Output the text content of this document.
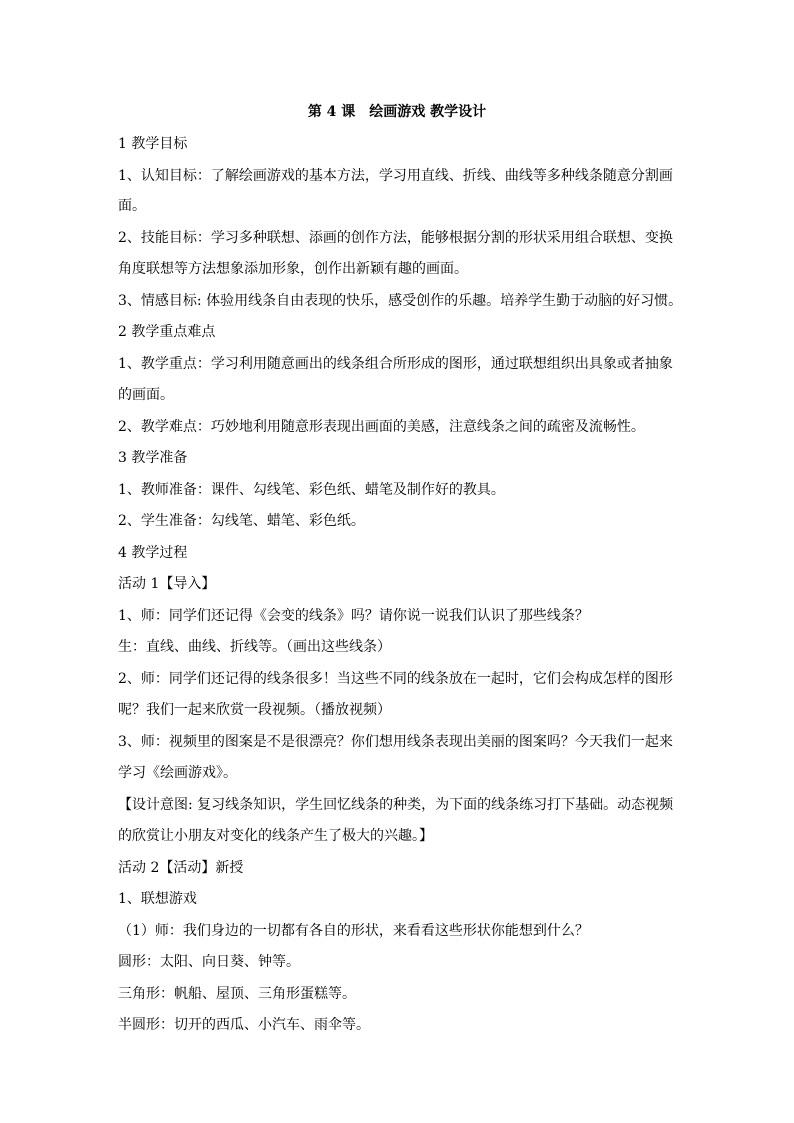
第 4 课　绘画游戏 教学设计
1 教学目标
1、认知目标：了解绘画游戏的基本方法，学习用直线、折线、曲线等多种线条随意分割画
面。
2、技能目标：学习多种联想、添画的创作方法，能够根据分割的形状采用组合联想、变换
角度联想等方法想象添加形象，创作出新颖有趣的画面。
3、情感目标: 体验用线条自由表现的快乐，感受创作的乐趣。培养学生勤于动脑的好习惯。
2 教学重点难点
1、教学重点：学习利用随意画出的线条组合所形成的图形，通过联想组织出具象或者抽象
的画面。
2、教学难点：巧妙地利用随意形表现出画面的美感，注意线条之间的疏密及流畅性。
3 教学准备
1、教师准备：课件、勾线笔、彩色纸、蜡笔及制作好的教具。
2、学生准备：勾线笔、蜡笔、彩色纸。
4 教学过程
活动 1【导入】
1、师：同学们还记得《会变的线条》吗？请你说一说我们认识了那些线条？
生：直线、曲线、折线等。（画出这些线条）
2、师：同学们还记得的线条很多！当这些不同的线条放在一起时，它们会构成怎样的图形
呢？我们一起来欣赏一段视频。（播放视频）
3、师：视频里的图案是不是很漂亮？你们想用线条表现出美丽的图案吗？今天我们一起来
学习《绘画游戏》。
【设计意图: 复习线条知识，学生回忆线条的种类，为下面的线条练习打下基础。动态视频
的欣赏让小朋友对变化的线条产生了极大的兴趣。】
活动 2【活动】新授
1、联想游戏
（1）师：我们身边的一切都有各自的形状，来看看这些形状你能想到什么？
圆形：太阳、向日葵、钟等。
三角形：帆船、屋顶、三角形蛋糕等。
半圆形：切开的西瓜、小汽车、雨伞等。
